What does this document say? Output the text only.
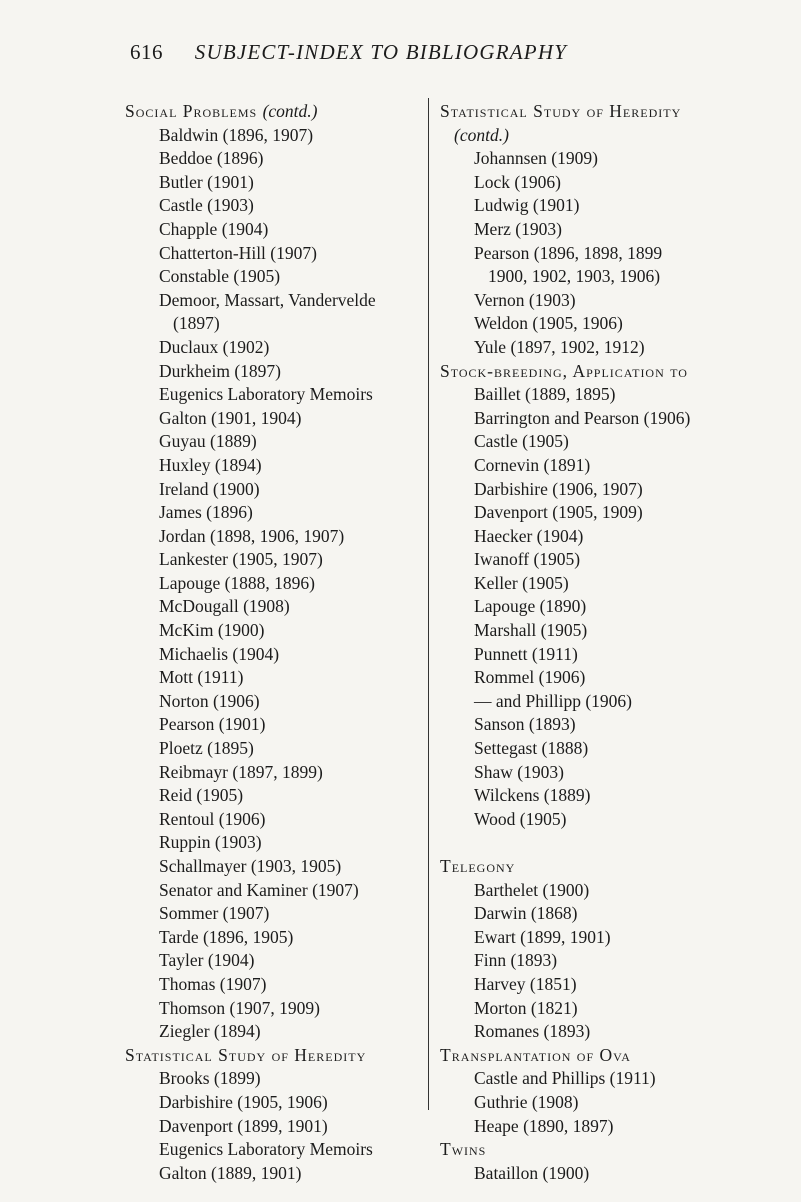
616 SUBJECT-INDEX TO BIBLIOGRAPHY
Social Problems (contd.)
Baldwin (1896, 1907)
Beddoe (1896)
Butler (1901)
Castle (1903)
Chapple (1904)
Chatterton-Hill (1907)
Constable (1905)
Demoor, Massart, Vandervelde
(1897)
Duclaux (1902)
Durkheim (1897)
Eugenics Laboratory Memoirs
Galton (1901, 1904)
Guyau (1889)
Huxley (1894)
Ireland (1900)
James (1896)
Jordan (1898, 1906, 1907)
Lankester (1905, 1907)
Lapouge (1888, 1896)
McDougall (1908)
McKim (1900)
Michaelis (1904)
Mott (1911)
Norton (1906)
Pearson (1901)
Ploetz (1895)
Reibmayr (1897, 1899)
Reid (1905)
Rentoul (1906)
Ruppin (1903)
Schallmayer (1903, 1905)
Senator and Kaminer (1907)
Sommer (1907)
Tarde (1896, 1905)
Tayler (1904)
Thomas (1907)
Thomson (1907, 1909)
Ziegler (1894)
Statistical Study of Heredity
Brooks (1899)
Darbishire (1905, 1906)
Davenport (1899, 1901)
Eugenics Laboratory Memoirs
Galton (1889, 1901)
Statistical Study of Heredity
(contd.)
Johannsen (1909)
Lock (1906)
Ludwig (1901)
Merz (1903)
Pearson (1896, 1898, 1899
1900, 1902, 1903, 1906)
Vernon (1903)
Weldon (1905, 1906)
Yule (1897, 1902, 1912)
Stock-breeding, Application to
Baillet (1889, 1895)
Barrington and Pearson (1906)
Castle (1905)
Cornevin (1891)
Darbishire (1906, 1907)
Davenport (1905, 1909)
Haecker (1904)
Iwanoff (1905)
Keller (1905)
Lapouge (1890)
Marshall (1905)
Punnett (1911)
Rommel (1906)
— and Phillipp (1906)
Sanson (1893)
Settegast (1888)
Shaw (1903)
Wilckens (1889)
Wood (1905)
Telegony
Barthelet (1900)
Darwin (1868)
Ewart (1899, 1901)
Finn (1893)
Harvey (1851)
Morton (1821)
Romanes (1893)
Transplantation of Ova
Castle and Phillips (1911)
Guthrie (1908)
Heape (1890, 1897)
Twins
Bataillon (1900)
